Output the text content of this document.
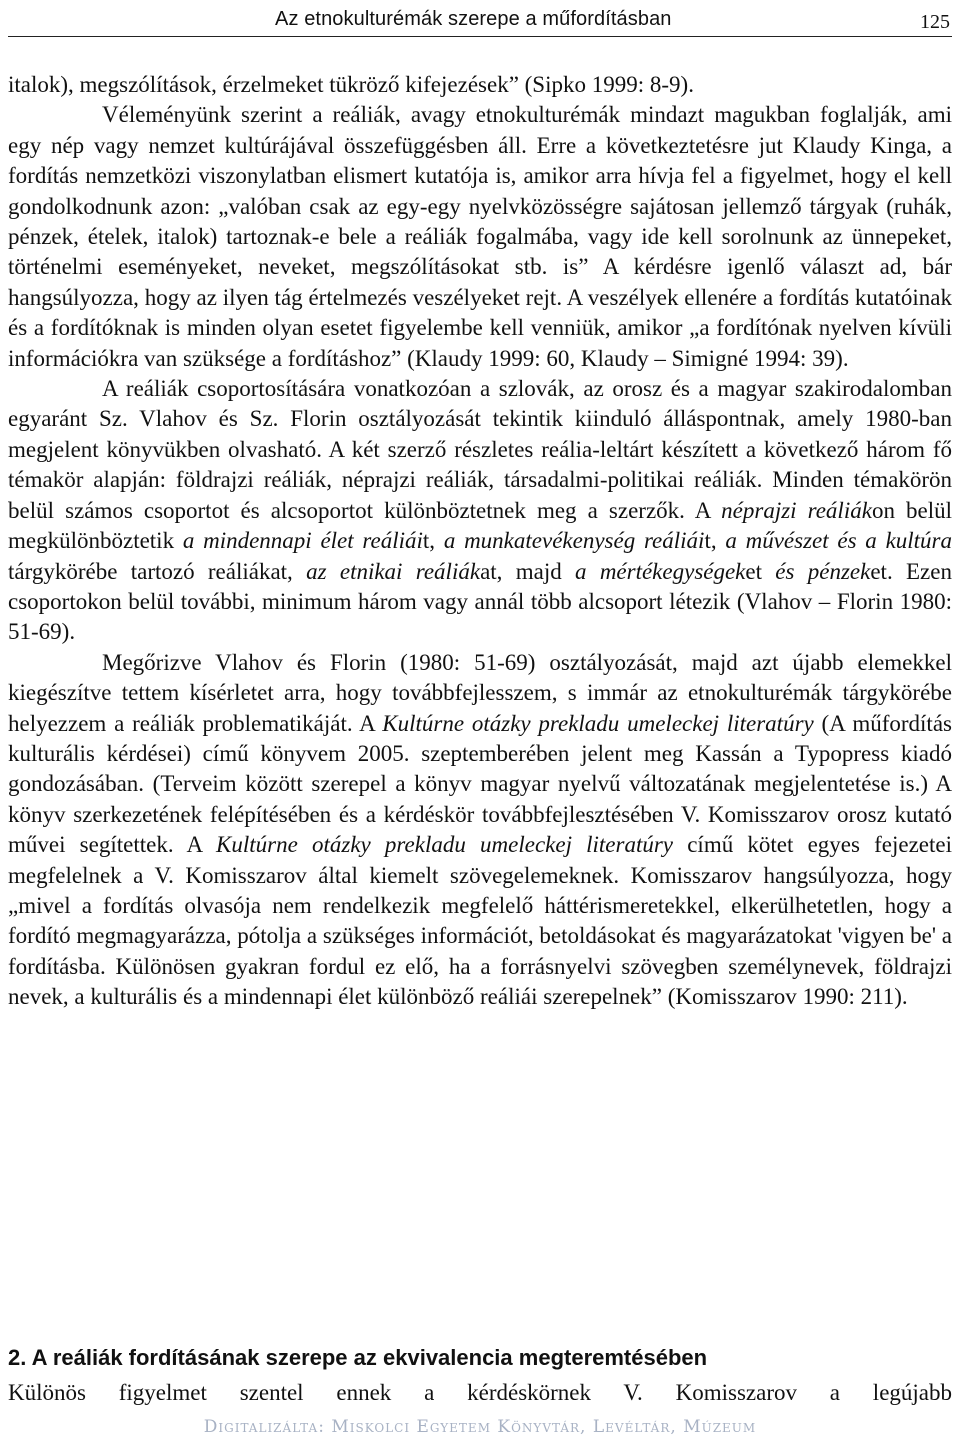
Az etnokulturémák szerepe a műfordításban	125

italok), megszólítások, érzelmeket tükröző kifejezések” (Sipko 1999: 8-9).

Véleményünk szerint a reáliák, avagy etnokulturémák mindazt magukban foglalják, ami egy nép vagy nemzet kultúrájával összefüggésben áll. Erre a következtetésre jut Klaudy Kinga, a fordítás nemzetközi viszonylatban elismert kutatója is, amikor arra hívja fel a figyelmet, hogy el kell gondolkodnunk azon: „valóban csak az egy-egy nyelvközösségre sajátosan jellemző tárgyak (ruhák, pénzek, ételek, italok) tartoznak-e bele a reáliák fogalmába, vagy ide kell sorolnunk az ünnepeket, történelmi eseményeket, neveket, megszólításokat stb. is” A kérdésre igenlő választ ad, bár hangsúlyozza, hogy az ilyen tág értelmezés veszélyeket rejt. A veszélyek ellenére a fordítás kutatóinak és a fordítóknak is minden olyan esetet figyelembe kell venniük, amikor „a fordítónak nyelven kívüli információkra van szüksége a fordításhoz” (Klaudy 1999: 60, Klaudy – Simigné 1994: 39).

A reáliák csoportosítására vonatkozóan a szlovák, az orosz és a magyar szakirodalomban egyaránt Sz. Vlahov és Sz. Florin osztályozását tekintik kiinduló álláspontnak, amely 1980-ban megjelent könyvükben olvasható. A két szerző részletes reália-leltárt készített a következő három fő témakör alapján: földrajzi reáliák, néprajzi reáliák, társadalmi-politikai reáliák. Minden témakörön belül számos csoportot és alcsoportot különböztetnek meg a szerzők. A néprajzi reáliákon belül megkülönböztetik a mindennapi élet reáliáit, a munkatevékenység reáliáit, a művészet és a kultúra tárgykörébe tartozó reáliákat, az etnikai reáliákat, majd a mértékegységeket és pénzeket. Ezen csoportokon belül további, minimum három vagy annál több alcsoport létezik (Vlahov – Florin 1980: 51-69).

Megőrizve Vlahov és Florin (1980: 51-69) osztályozását, majd azt újabb elemekkel kiegészítve tettem kísérletet arra, hogy továbbfejlesszem, s immár az etnokulturémák tárgykörébe helyezzem a reáliák problematikáját. A Kultúrne otázky prekladu umeleckej literatúry (A műfordítás kulturális kérdései) című könyvem 2005. szeptemberében jelent meg Kassán a Typopress kiadó gondozásában. (Terveim között szerepel a könyv magyar nyelvű változatának megjelentetése is.) A könyv szerkezetének felépítésében és a kérdéskör továbbfejlesztésében V. Komisszarov orosz kutató művei segítettek. A Kultúrne otázky prekladu umeleckej literatúry című kötet egyes fejezetei megfelelnek a V. Komisszarov által kiemelt szövegelemeknek. Komisszarov hangsúlyozza, hogy „mivel a fordítás olvasója nem rendelkezik megfelelő háttérismeretekkel, elkerülhetetlen, hogy a fordító megmagyarázza, pótolja a szükséges információt, betoldásokat és magyarázatokat 'vigyen be' a fordításba. Különösen gyakran fordul ez elő, ha a forrásnyelvi szövegben személynevek, földrajzi nevek, a kulturális és a mindennapi élet különböző reáliái szerepelnek” (Komisszarov 1990: 211).

2. A reáliák fordításának szerepe az ekvivalencia megteremtésében

Különös figyelmet szentel ennek a kérdéskörnek V. Komisszarov a legújabb

Digitalizálta: Miskolci Egyetem Könyvtár, Levéltár, Múzeum
